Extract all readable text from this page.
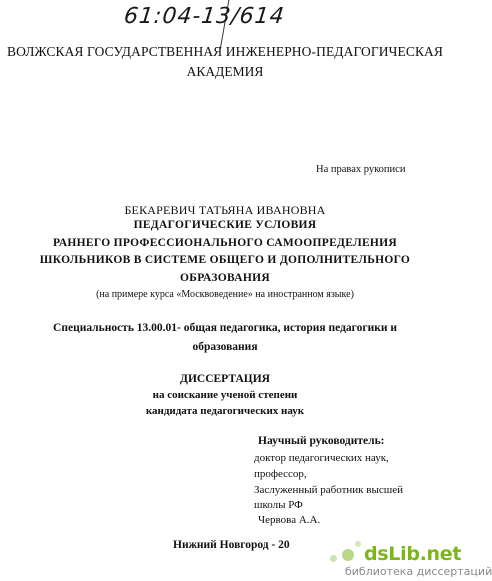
61:04-13/614
ВОЛЖСКАЯ ГОСУДАРСТВЕННАЯ ИНЖЕНЕРНО-ПЕДАГОГИЧЕСКАЯ
АКАДЕМИЯ
На правах рукописи
БЕКАРЕВИЧ ТАТЬЯНА ИВАНОВНА
ПЕДАГОГИЧЕСКИЕ УСЛОВИЯ
РАННЕГО ПРОФЕССИОНАЛЬНОГО САМООПРЕДЕЛЕНИЯ
ШКОЛЬНИКОВ В СИСТЕМЕ ОБЩЕГО И ДОПОЛНИТЕЛЬНОГО
ОБРАЗОВАНИЯ
(на примере курса «Москвоведение» на иностранном языке)
Специальность 13.00.01- общая педагогика, история педагогики и
образования
ДИССЕРТАЦИЯ
на соискание ученой степени
кандидата педагогических наук
Научный руководитель:
доктор педагогических наук,
профессор,
Заслуженный работник высшей
школы РФ
Червова А.А.
Нижний Новгород - 20	dsLib.net
библиотека диссертаций
